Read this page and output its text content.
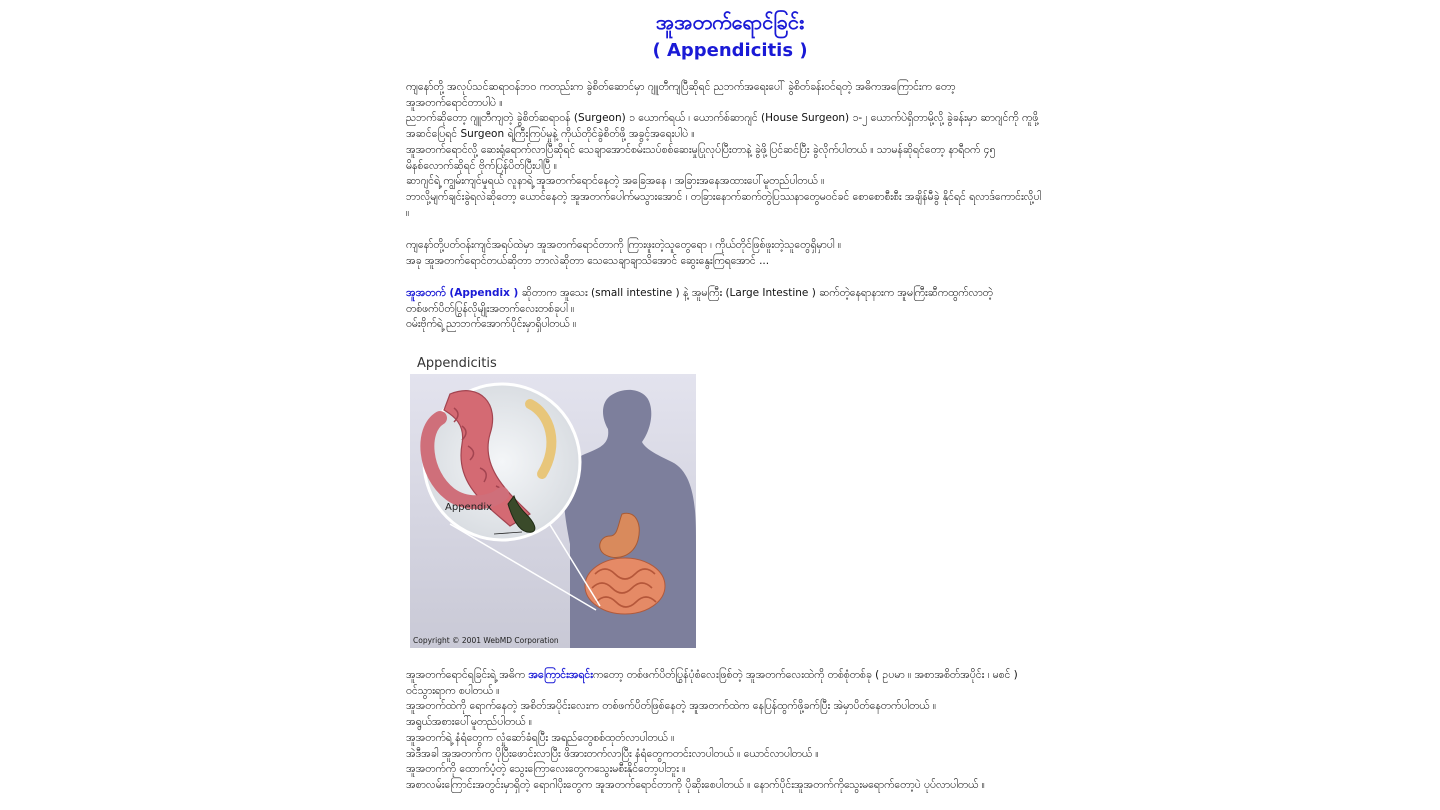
အူအတက်ရောင်ခြင်း
( Appendicitis )

ကျနော်တို့ အလုပ်သင်ဆရာဝန်ဘဝ ကတည်းက ခွဲစိတ်ဆောင်မှာ ဂျူတီကျပြီဆိုရင် ညဘက်အရေးပေါ် ခွဲစိတ်ခန်းဝင်ရတဲ့ အဓိကအကြောင်းက တော့
အူအတက်ရောင်တာပါပဲ ။
ညဘက်ဆိုတော့ ဂျူတီကျတဲ့ ခွဲစိတ်ဆရာဝန် (Surgeon) ၁ ယောက်ရယ် ၊ ယောက်စ်ဆာဂျင် (House Surgeon) ၁-၂ ယောက်ပဲရှိတာမို့လို့ ခွဲခန်းမှာ ဆာဂျင်ကို ကူဖို့
အဆင်ပြေရင် Surgeon ရဲ့ကြီးကြပ်မှုနဲ့ ကိုယ်တိုင်ခွဲစိတ်ဖို့ အခွင့်အရေးပါပဲ ။
အူအတက်ရောင်လို့ ဆေးရုံရောက်လာပြီဆိုရင် သေချာအောင်စမ်းသပ်စစ်ဆေးမှုပြုလုပ်ပြီးတာနဲ့ ခွဲဖို့ပြင်ဆင်ပြီး ခွဲလိုက်ပါတယ် ။ သာမန်ဆိုရင်တော့ နာရီဝက် ၄၅
မိနစ်လောက်ဆိုရင် ဗိုက်ပြန်ပိတ်ပြီးပါပြီ ။
ဆာဂျင်ရဲ့ ကျွမ်းကျင်မှုရယ် လူနာရဲ့ အူအတက်ရောင်နေတဲ့ အခြေအနေ ၊ အခြားအနေအထားပေါ်မူတည်ပါတယ် ။
ဘာလို့မျက်ချင်းခွဲရလဲဆိုတော့ ယောင်နေတဲ့ အူအတက်ပေါက်မသွားအောင် ၊ တခြားနောက်ဆက်တွဲပြဿနာတွေမဝင်ခင် စောစောစီးစီး အချိန်မီခွဲ နိုင်ရင် ရလာဒ်ကောင်းလို့ပါ
။

ကျနော်တို့ပတ်ဝန်းကျင်အရပ်ထဲမှာ အူအတက်ရောင်တာကို ကြားဖူးတဲ့သူတွေရော ၊ ကိုယ်တိုင်ဖြစ်ဖူးတဲ့သူတွေရှိမှာပါ ။
အခု အူအတက်ရောင်တယ်ဆိုတာ ဘာလဲဆိုတာ သေသေချာချာသိအောင် ဆွေးနွေးကြရအောင် ...

အူအတက် (Appendix ) ဆိုတာက အူသေး (small intestine ) နဲ့ အူမကြီး (Large Intestine ) ဆက်တဲ့နေရာနားက အူမကြီးဆီကထွက်လာတဲ့
တစ်ဖက်ပိတ်ပြွန်လိုမျိုးအတက်လေးတစ်ခုပါ ။
ဝမ်းဗိုက်ရဲ့ ညာဘက်အောက်ပိုင်းမှာရှိပါတယ် ။

Appendicitis
Appendix
Copyright © 2001 WebMD Corporation

အူအတက်ရောင်ရခြင်းရဲ့ အဓိက အကြောင်းအရင်းကတော့ တစ်ဖက်ပိတ်ပြွန်ပုံစံလေးဖြစ်တဲ့ အူအတက်လေးထဲကို တစ်စုံတစ်ခု ( ဥပမာ ။ အစာအစိတ်အပိုင်း ၊ မစင် )
ဝင်သွားရာက စပါတယ် ။
အူအတက်ထဲကို ရောက်နေတဲ့ အစိတ်အပိုင်းလေးက တစ်ဖက်ပိတ်ဖြစ်နေတဲ့ အူအတက်ထဲက နေပြန်ထွက်ဖို့ခက်ပြီး အဲမှာပိတ်နေတက်ပါတယ် ။
အရွယ်အစားပေါ်မူတည်ပါတယ် ။
အူအတက်ရဲ့ နံရံတွေက လှုံဆော်ခံရပြီး အရည်တွေစစ်ထုတ်လာပါတယ် ။
အဲဒီအခါ အူအတက်က ပိုပြီးဖောင်းလာပြီး ဖိအားတက်လာပြီး နံရံတွေကတင်းလာပါတယ် ။ ယောင်လာပါတယ် ။
အူအတက်ကို ထောက်ပံ့တဲ့ သွေးကြောလေးတွေကသွေးမစီးနိုင်တော့ပါဘူး ။
အစာလမ်းကြောင်းအတွင်းမှာရှိတဲ့ ရောဂါပိုးတွေက အူအတက်ရောင်တာကို ပိုဆိုးစေပါတယ် ။ နောက်ပိုင်းအူအတက်ကိုသွေးမရောက်တော့ပဲ ပုပ်လာပါတယ် ။
